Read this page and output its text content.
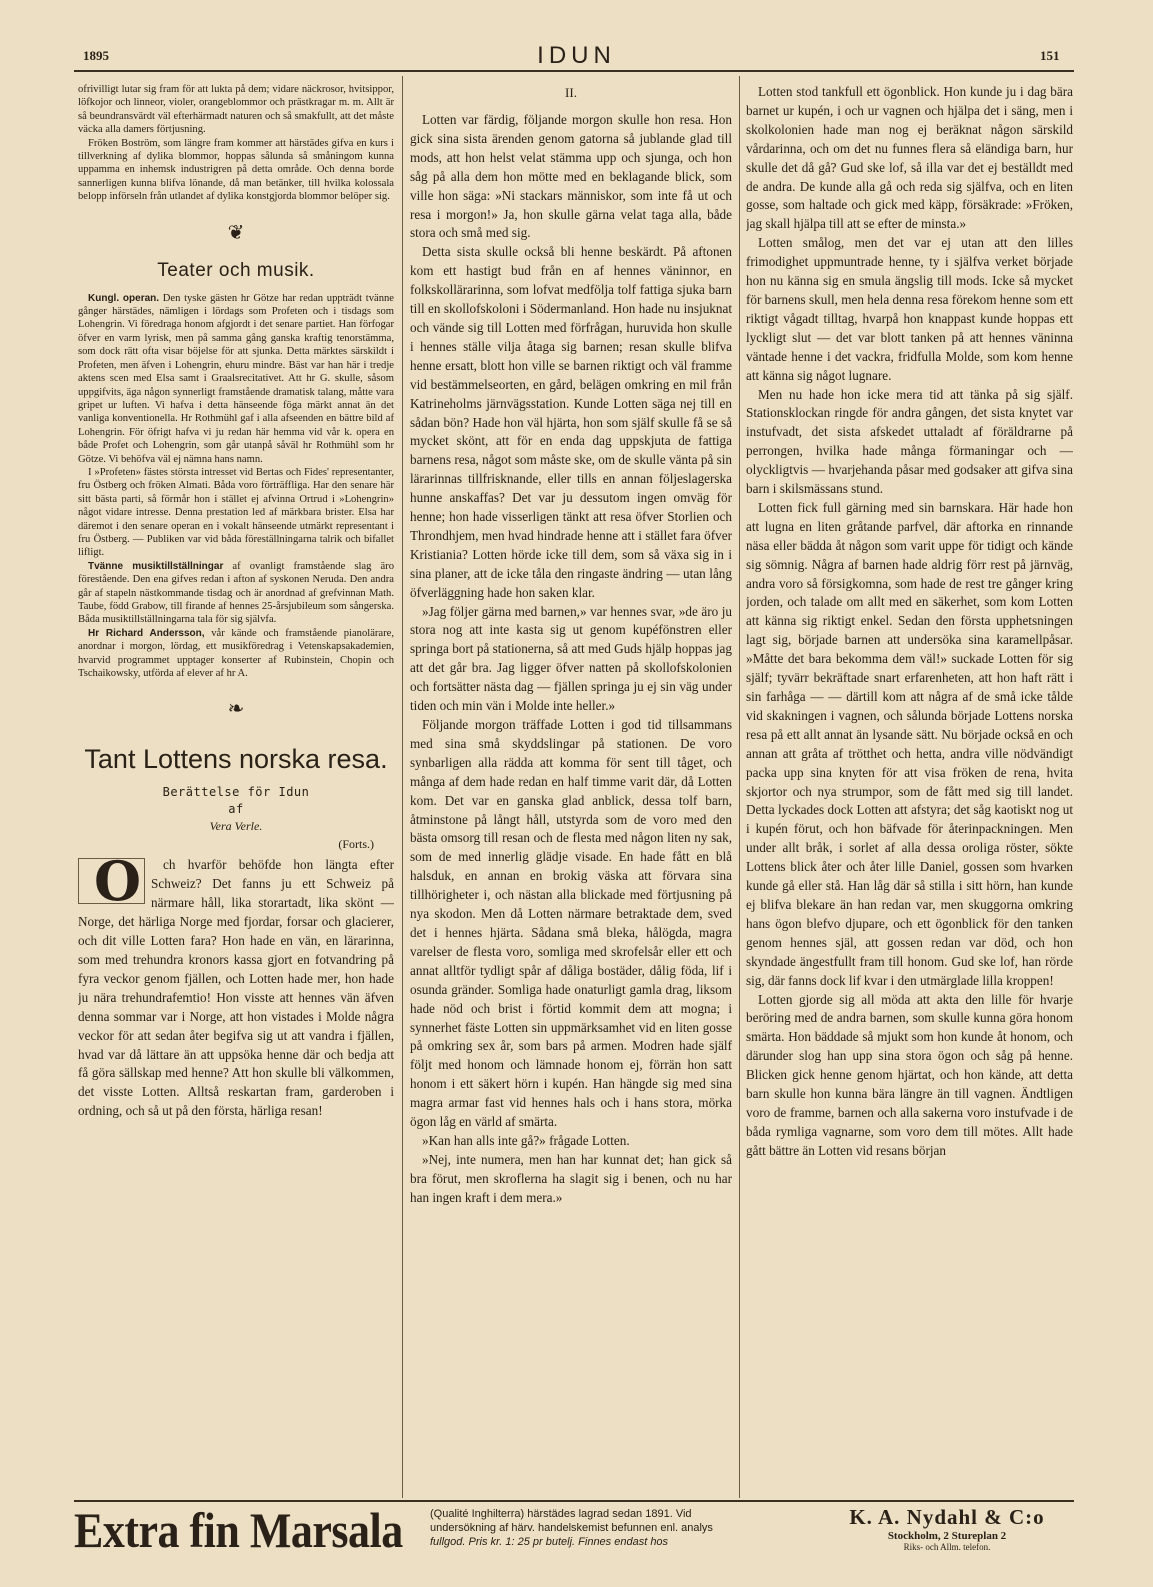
1895	IDUN	151

ofrivilligt lutar sig fram för att lukta på dem; vidare näckrosor, hvitsippor, löfkojor och linneor, violer, orangeblommor och prästkragar m. m. Allt är så beundransvärdt väl efterhärmadt naturen och så smakfullt, att det måste väcka alla damers förtjusning.

Fröken Boström, som längre fram kommer att härstädes gifva en kurs i tillverkning af dylika blommor, hoppas sålunda så småningom kunna uppamma en inhemsk industrigren på detta område. Och denna borde sannerligen kunna blifva lönande, då man betänker, till hvilka kolossala belopp införseln från utlandet af dylika konstgjorda blommor belöper sig.

❦
Teater och musik.

Kungl. operan. Den tyske gästen hr Götze har redan uppträdt tvänne gånger härstädes, nämligen i lördags som Profeten och i tisdags som Lohengrin. Vi föredraga honom afgjordt i det senare partiet. Han förfogar öfver en varm lyrisk, men på samma gång ganska kraftig tenorstämma, som dock rätt ofta visar böjelse för att sjunka. Detta märktes särskildt i Profeten, men äfven i Lohengrin, ehuru mindre. Bäst var han här i tredje aktens scen med Elsa samt i Graalsrecitativet. Att hr G. skulle, såsom uppgifvits, äga någon synnerligt framstående dramatisk talang, måtte vara gripet ur luften. Vi hafva i detta hänseende föga märkt annat än det vanliga konventionella. Hr Rothmühl gaf i alla afseenden en bättre bild af Lohengrin. För öfrigt hafva vi ju redan här hemma vid vår k. opera en både Profet och Lohengrin, som går utanpå såväl hr Rothmühl som hr Götze. Vi behöfva väl ej nämna hans namn.

I »Profeten» fästes största intresset vid Bertas och Fides' representanter, fru Östberg och fröken Almati. Båda voro förträffliga. Har den senare här sitt bästa parti, så förmår hon i stället ej afvinna Ortrud i »Lohengrin» något vidare intresse. Denna prestation led af märkbara brister. Elsa har däremot i den senare operan en i vokalt hänseende utmärkt representant i fru Östberg. — Publiken var vid båda föreställningarna talrik och bifallet lifligt.

Tvänne musiktillställningar af ovanligt framstående slag äro förestående. Den ena gifves redan i afton af syskonen Neruda. Den andra går af stapeln nästkommande tisdag och är anordnad af grefvinnan Math. Taube, född Grabow, till firande af hennes 25-årsjubileum som sångerska. Båda musiktillställningarna tala för sig självfa.

Hr Richard Andersson, vår kände och framstående pianolärare, anordnar i morgon, lördag, ett musikföredrag i Vetenskapsakademien, hvarvid programmet upptager konserter af Rubinstein, Chopin och Tschaikowsky, utförda af elever af hr A.

❧
Tant Lottens norska resa.
Berättelse för Idun
af
Vera Verle.
(Forts.)

O	ch hvarför behöfde hon längta efter Schweiz? Det fanns ju ett Schweiz på närmare håll, lika storartadt, lika skönt — Norge, det härliga Norge med fjordar, forsar och glacierer, och dit ville Lotten fara? Hon hade en vän, en lärarinna, som med trehundra kronors kassa gjort en fotvandring på fyra veckor genom fjällen, och Lotten hade mer, hon hade ju nära trehundrafemtio! Hon visste att hennes vän äfven denna sommar var i Norge, att hon vistades i Molde några veckor för att sedan åter begifva sig ut att vandra i fjällen, hvad var då lättare än att uppsöka henne där och bedja att få göra sällskap med henne? Att hon skulle bli välkommen, det visste Lotten. Alltså reskartan fram, garderoben i ordning, och så ut på den första, härliga resan!

II.

Lotten var färdig, följande morgon skulle hon resa. Hon gick sina sista ärenden genom gatorna så jublande glad till mods, att hon helst velat stämma upp och sjunga, och hon såg på alla dem hon mötte med en beklagande blick, som ville hon säga: »Ni stackars människor, som inte få ut och resa i morgon!» Ja, hon skulle gärna velat taga alla, både stora och små med sig.

Detta sista skulle också bli henne beskärdt. På aftonen kom ett hastigt bud från en af hennes väninnor, en folkskollärarinna, som lofvat medfölja tolf fattiga sjuka barn till en skollofskoloni i Södermanland. Hon hade nu insjuknat och vände sig till Lotten med förfrågan, huruvida hon skulle i hennes ställe vilja åtaga sig barnen; resan skulle blifva henne ersatt, blott hon ville se barnen riktigt och väl framme vid bestämmelseorten, en gård, belägen omkring en mil från Katrineholms järnvägsstation. Kunde Lotten säga nej till en sådan bön? Hade hon väl hjärta, hon som själf skulle få se så mycket skönt, att för en enda dag uppskjuta de fattiga barnens resa, något som måste ske, om de skulle vänta på sin lärarinnas tillfrisknande, eller tills en annan följeslagerska hunne anskaffas? Det var ju dessutom ingen omväg för henne; hon hade visserligen tänkt att resa öfver Storlien och Throndhjem, men hvad hindrade henne att i stället fara öfver Kristiania? Lotten hörde icke till dem, som så växa sig in i sina planer, att de icke tåla den ringaste ändring — utan lång öfverläggning hade hon saken klar.

»Jag följer gärna med barnen,» var hennes svar, »de äro ju stora nog att inte kasta sig ut genom kupéfönstren eller springa bort på stationerna, så att med Guds hjälp hoppas jag att det går bra. Jag ligger öfver natten på skollofskolonien och fortsätter nästa dag — fjällen springa ju ej sin väg under tiden och min vän i Molde inte heller.»

Följande morgon träffade Lotten i god tid tillsammans med sina små skyddslingar på stationen. De voro synbarligen alla rädda att komma för sent till tåget, och många af dem hade redan en half timme varit där, då Lotten kom. Det var en ganska glad anblick, dessa tolf barn, åtminstone på långt håll, utstyrda som de voro med den bästa omsorg till resan och de flesta med någon liten ny sak, som de med innerlig glädje visade. En hade fått en blå halsduk, en annan en brokig väska att förvara sina tillhörigheter i, och nästan alla blickade med förtjusning på nya skodon. Men då Lotten närmare betraktade dem, sved det i hennes hjärta. Sådana små bleka, hålögda, magra varelser de flesta voro, somliga med skrofelsår eller ett och annat alltför tydligt spår af dåliga bostäder, dålig föda, lif i osunda gränder. Somliga hade onaturligt gamla drag, liksom hade nöd och brist i förtid kommit dem att mogna; i synnerhet fäste Lotten sin uppmärksamhet vid en liten gosse på omkring sex år, som bars på armen. Modren hade själf följt med honom och lämnade honom ej, förrän hon satt honom i ett säkert hörn i kupén. Han hängde sig med sina magra armar fast vid hennes hals och i hans stora, mörka ögon låg en värld af smärta.

»Kan han alls inte gå?» frågade Lotten.

»Nej, inte numera, men han har kunnat det; han gick så bra förut, men skroflerna ha slagit sig i benen, och nu har han ingen kraft i dem mera.»

Lotten stod tankfull ett ögonblick. Hon kunde ju i dag bära barnet ur kupén, i och ur vagnen och hjälpa det i säng, men i skolkolonien hade man nog ej beräknat någon särskild vårdarinna, och om det nu funnes flera så eländiga barn, hur skulle det då gå? Gud ske lof, så illa var det ej beställdt med de andra. De kunde alla gå och reda sig själfva, och en liten gosse, som haltade och gick med käpp, försäkrade: »Fröken, jag skall hjälpa till att se efter de minsta.»

Lotten smålog, men det var ej utan att den lilles frimodighet uppmuntrade henne, ty i själfva verket började hon nu känna sig en smula ängslig till mods. Icke så mycket för barnens skull, men hela denna resa förekom henne som ett riktigt vågadt tilltag, hvarpå hon knappast kunde hoppas ett lyckligt slut — det var blott tanken på att hennes väninna väntade henne i det vackra, fridfulla Molde, som kom henne att känna sig något lugnare.

Men nu hade hon icke mera tid att tänka på sig själf. Stationsklockan ringde för andra gången, det sista knytet var instufvadt, det sista afskedet uttaladt af föräldrarne på perrongen, hvilka hade många förmaningar och — olyckligtvis — hvarjehanda påsar med godsaker att gifva sina barn i skilsmässans stund.

Lotten fick full gärning med sin barnskara. Här hade hon att lugna en liten gråtande parfvel, där aftorka en rinnande näsa eller bädda åt någon som varit uppe för tidigt och kände sig sömnig. Några af barnen hade aldrig förr rest på järnväg, andra voro så försigkomna, som hade de rest tre gånger kring jorden, och talade om allt med en säkerhet, som kom Lotten att känna sig riktigt enkel. Sedan den första upphetsningen lagt sig, började barnen att undersöka sina karamellpåsar. »Måtte det bara bekomma dem väl!» suckade Lotten för sig själf; tyvärr bekräftade snart erfarenheten, att hon haft rätt i sin farhåga — — därtill kom att några af de små icke tålde vid skakningen i vagnen, och sålunda började Lottens norska resa på ett allt annat än lysande sätt. Nu började också en och annan att gråta af trötthet och hetta, andra ville nödvändigt packa upp sina knyten för att visa fröken de rena, hvita skjortor och nya strumpor, som de fått med sig till landet. Detta lyckades dock Lotten att afstyra; det såg kaotiskt nog ut i kupén förut, och hon bäfvade för återinpackningen. Men under allt bråk, i sorlet af alla dessa oroliga röster, sökte Lottens blick åter och åter lille Daniel, gossen som hvarken kunde gå eller stå. Han låg där så stilla i sitt hörn, han kunde ej blifva blekare än han redan var, men skuggorna omkring hans ögon blefvo djupare, och ett ögonblick för den tanken genom hennes själ, att gossen redan var död, och hon skyndade ängestfullt fram till honom. Gud ske lof, han rörde sig, där fanns dock lif kvar i den utmärglade lilla kroppen!

Lotten gjorde sig all möda att akta den lille för hvarje beröring med de andra barnen, som skulle kunna göra honom smärta. Hon bäddade så mjukt som hon kunde åt honom, och därunder slog han upp sina stora ögon och såg på henne. Blicken gick henne genom hjärtat, och hon kände, att detta barn skulle hon kunna bära längre än till vagnen. Ändtligen voro de framme, barnen och alla sakerna voro instufvade i de båda rymliga vagnarne, som voro dem till mötes. Allt hade gått bättre än Lotten vid resans början

Extra fin Marsala (Qualité Inghilterra) härstädes lagrad sedan 1891. Vid
undersökning af härv. handelskemist befunnen enl. analys
fullgod. Pris kr. 1: 25 pr butelj. Finnes endast hos
K. A. Nydahl & C:o
Stockholm, 2 Stureplan 2
Riks- och Allm. telefon.
